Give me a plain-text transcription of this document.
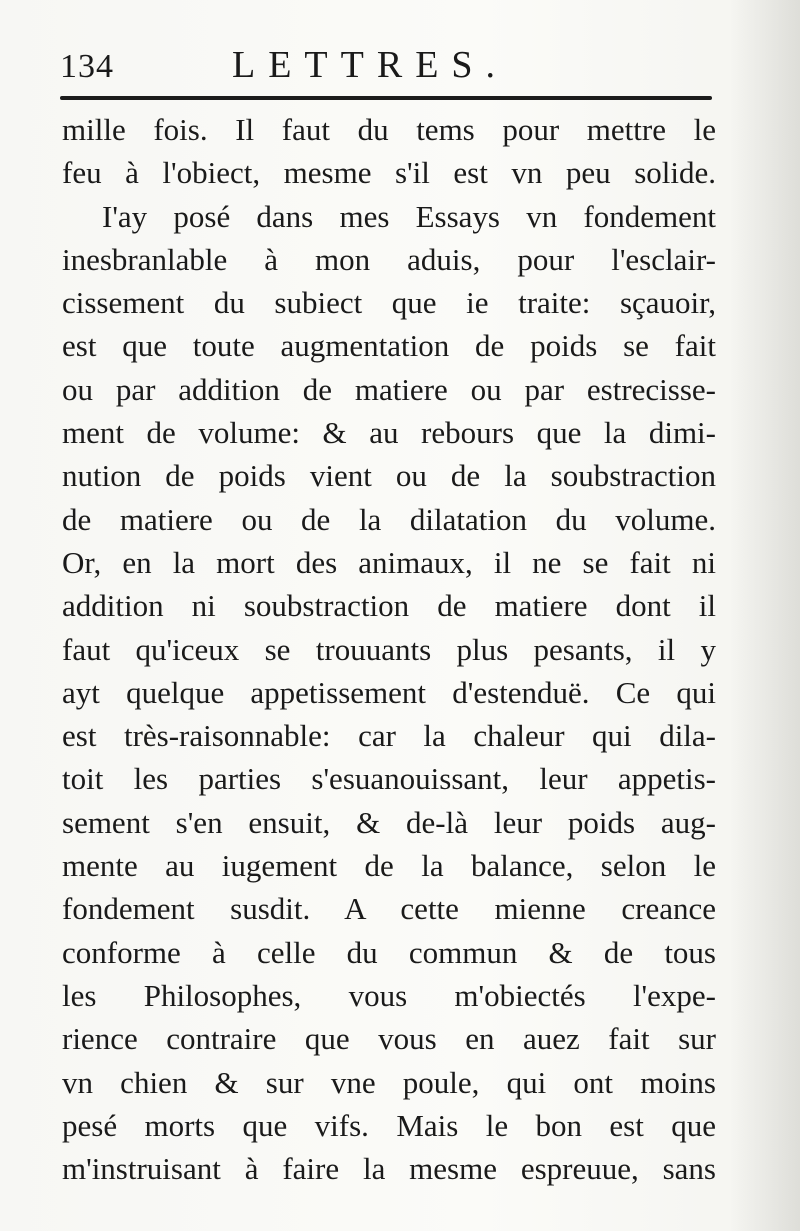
134	LETTRES.
mille fois. Il faut du tems pour mettre le
feu à l'obiect, mesme s'il est vn peu solide.
I'ay posé dans mes Essays vn fondement
inesbranlable à mon aduis, pour l'esclair-
cissement du subiect que ie traite: sçauoir,
est que toute augmentation de poids se fait
ou par addition de matiere ou par estrecisse-
ment de volume: & au rebours que la dimi-
nution de poids vient ou de la soubstraction
de matiere ou de la dilatation du volume.
Or, en la mort des animaux, il ne se fait ni
addition ni soubstraction de matiere dont il
faut qu'iceux se trouuants plus pesants, il y
ayt quelque appetissement d'estenduë. Ce qui
est très-raisonnable: car la chaleur qui dila-
toit les parties s'esuanouissant, leur appetis-
sement s'en ensuit, & de-là leur poids aug-
mente au iugement de la balance, selon le
fondement susdit. A cette mienne creance
conforme à celle du commun & de tous
les Philosophes, vous m'obiectés l'expe-
rience contraire que vous en auez fait sur
vn chien & sur vne poule, qui ont moins
pesé morts que vifs. Mais le bon est que
m'instruisant à faire la mesme espreuue, sans
